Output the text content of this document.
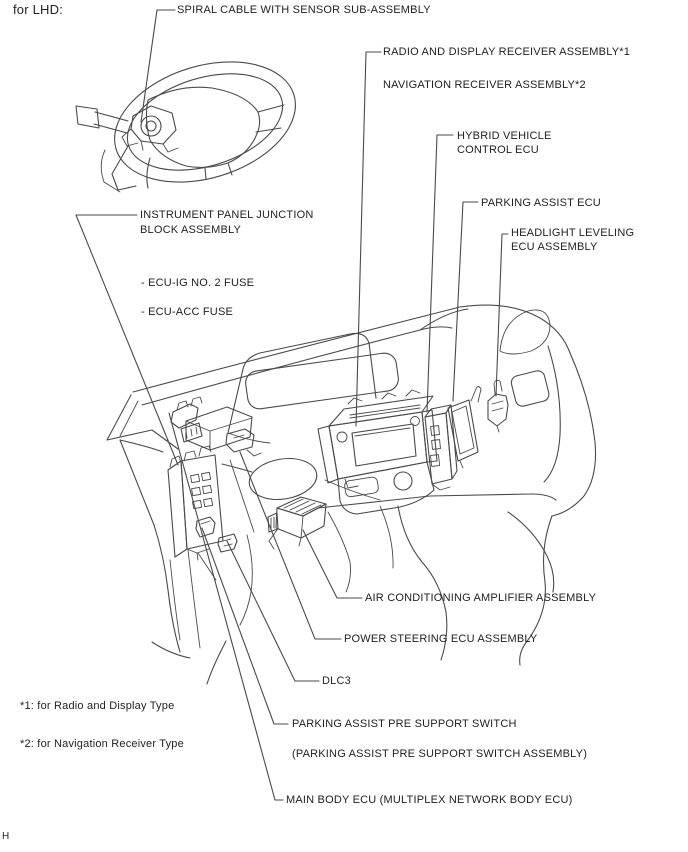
for LHD:	SPIRAL CABLE WITH SENSOR SUB-ASSEMBLY
RADIO AND DISPLAY RECEIVER ASSEMBLY*1
NAVIGATION RECEIVER ASSEMBLY*2
HYBRID VEHICLE
CONTROL ECU
PARKING ASSIST ECU
HEADLIGHT LEVELING
ECU ASSEMBLY
INSTRUMENT PANEL JUNCTION
BLOCK ASSEMBLY
- ECU-IG NO. 2 FUSE
- ECU-ACC FUSE
AIR CONDITIONING AMPLIFIER ASSEMBLY
POWER STEERING ECU ASSEMBLY
DLC3
PARKING ASSIST PRE SUPPORT SWITCH
(PARKING ASSIST PRE SUPPORT SWITCH ASSEMBLY)
MAIN BODY ECU (MULTIPLEX NETWORK BODY ECU)
*1: for Radio and Display Type
*2: for Navigation Receiver Type
H
